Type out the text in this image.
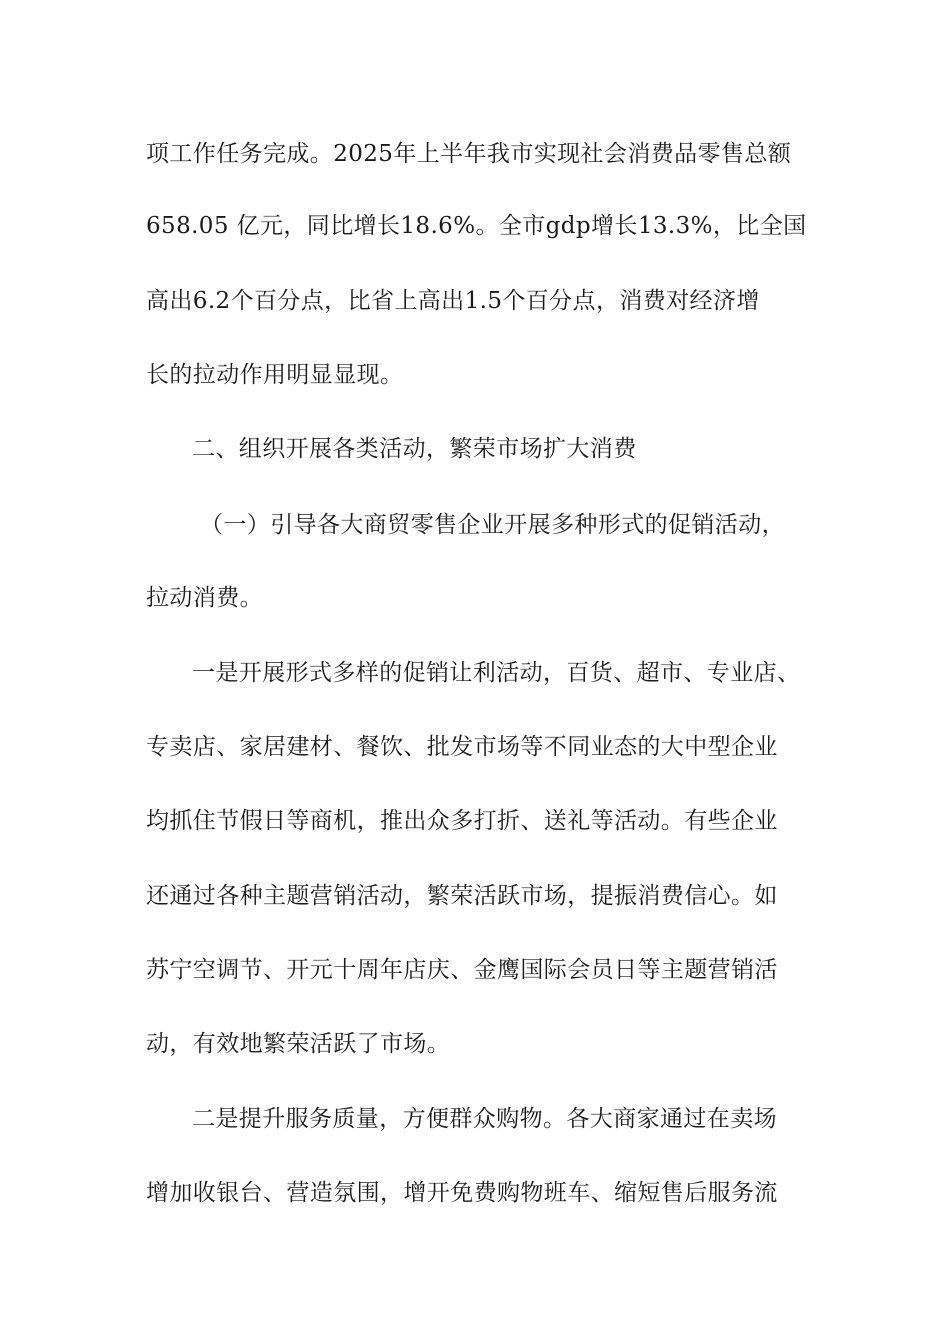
项工作任务完成。2025年上半年我市实现社会消费品零售总额

658.05 亿元，同比增长18.6%。全市gdp增长13.3%，比全国

高出6.2个百分点，比省上高出1.5个百分点，消费对经济增

长的拉动作用明显显现。

二、组织开展各类活动，繁荣市场扩大消费

（一）引导各大商贸零售企业开展多种形式的促销活动，

拉动消费。

一是开展形式多样的促销让利活动，百货、超市、专业店、

专卖店、家居建材、餐饮、批发市场等不同业态的大中型企业

均抓住节假日等商机，推出众多打折、送礼等活动。有些企业

还通过各种主题营销活动，繁荣活跃市场，提振消费信心。如

苏宁空调节、开元十周年店庆、金鹰国际会员日等主题营销活

动，有效地繁荣活跃了市场。

二是提升服务质量，方便群众购物。各大商家通过在卖场

增加收银台、营造氛围，增开免费购物班车、缩短售后服务流
